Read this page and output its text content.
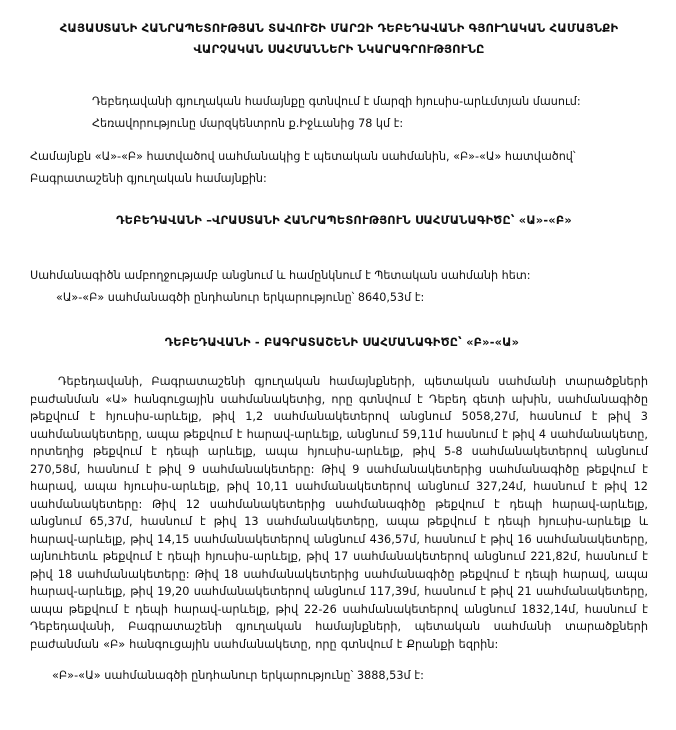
ՀԱՅԱՍՏԱՆԻ ՀԱՆՐԱՊԵՏՈՒԹՅԱՆ ՏԱՎՈՒՇԻ ՄԱՐԶԻ ԴԵԲԵԴԱՎԱՆԻ ԳՅՈՒՂԱԿԱՆ ՀԱՄԱՅՆՔԻ
ՎԱՐՉԱԿԱՆ ՍԱՀՄԱՆՆԵՐԻ ՆԿԱՐԱԳՐՈՒԹՅՈՒՆԸ

Դեբեդավանի գյուղական համայնքը գտնվում է մարզի հյուսիս-արևմտյան մասում:

Հեռավորությունը մարզկենտրոն ք.Իջևանից 78 կմ է:

Համայնքն «Ա»-«Բ» հատվածով սահմանակից է պետական սահմանին, «Բ»-«Ա» հատվածով՝

Բագրատաշենի գյուղական համայնքին:

ԴԵԲԵԴԱՎԱՆԻ –ՎՐԱՍՏԱՆԻ ՀԱՆՐԱՊԵՏՈՒԹՅՈՒՆ ՍԱՀՄԱՆԱԳԻԾԸ՝ «Ա»-«Բ»

Սահմանագիծն ամբողջությամբ անցնում և համընկնում է Պետական սահմանի հետ:

«Ա»-«Բ» սահմանագծի ընդհանուր երկարությունը՝ 8640,53մ է:

ԴԵԲԵԴԱՎԱՆԻ - ԲԱԳՐԱՏԱՇԵՆԻ ՍԱՀՄԱՆԱԳԻԾԸ՝ «Բ»-«Ա»

Դեբեդավանի, Բագրատաշենի գյուղական համայնքների, պետական սահմանի տարածքների բաժանման «Ա» հանգուցային սահմանակետից, որը գտնվում է Դեբեդ գետի ախին, սահմանագիծը թեքվում է հյուսիս-արևելք, թիվ 1,2 սահմանակետերով անցնում 5058,27մ, հասնում է թիվ 3 սահմանակետերը, ապա թեքվում է հարավ-արևելք, անցնում 59,11մ հասնում է թիվ 4 սահմանակետը, որտեղից թեքվում է դեպի արևելք, ապա հյուսիս-արևելք, թիվ 5-8 սահմանակետերով անցնում 270,58մ, հասնում է թիվ 9 սահմանակետերը: Թիվ 9 սահմանակետերից սահմանագիծը թեքվում է հարավ, ապա հյուսիս-արևելք, թիվ 10,11 սահմանակետերով անցնում 327,24մ, հասնում է թիվ 12 սահմանակետերը: Թիվ 12 սահմանակետերից սահմանագիծը թեքվում է դեպի հարավ-արևելք, անցնում 65,37մ, հասնում է թիվ 13 սահմանակետերը, ապա թեքվում է դեպի հյուսիս-արևելք և հարավ-արևելք, թիվ 14,15 սահմանակետերով անցնում 436,57մ, հասնում է թիվ 16 սահմանակետերը, այնուհետև թեքվում է դեպի հյուսիս-արևելք, թիվ 17 սահմանակետերով անցնում 221,82մ, հասնում է թիվ 18 սահմանակետերը: Թիվ 18 սահմանակետերից սահմանագիծը թեքվում է դեպի հարավ, ապա հարավ-արևելք, թիվ 19,20 սահմանակետերով անցնում 117,39մ, հասնում է թիվ 21 սահմանակետերը, ապա թեքվում է դեպի հարավ-արևելք, թիվ 22-26 սահմանակետերով անցնում 1832,14մ, հասնում է Դեբեդավանի, Բագրատաշենի գյուղական համայնքների, պետական սահմանի տարածքների բաժանման «Բ» հանգուցային սահմանակետը, որը գտնվում է Քրանքի եզրին:

«Բ»-«Ա» սահմանագծի ընդհանուր երկարությունը՝ 3888,53մ է:
